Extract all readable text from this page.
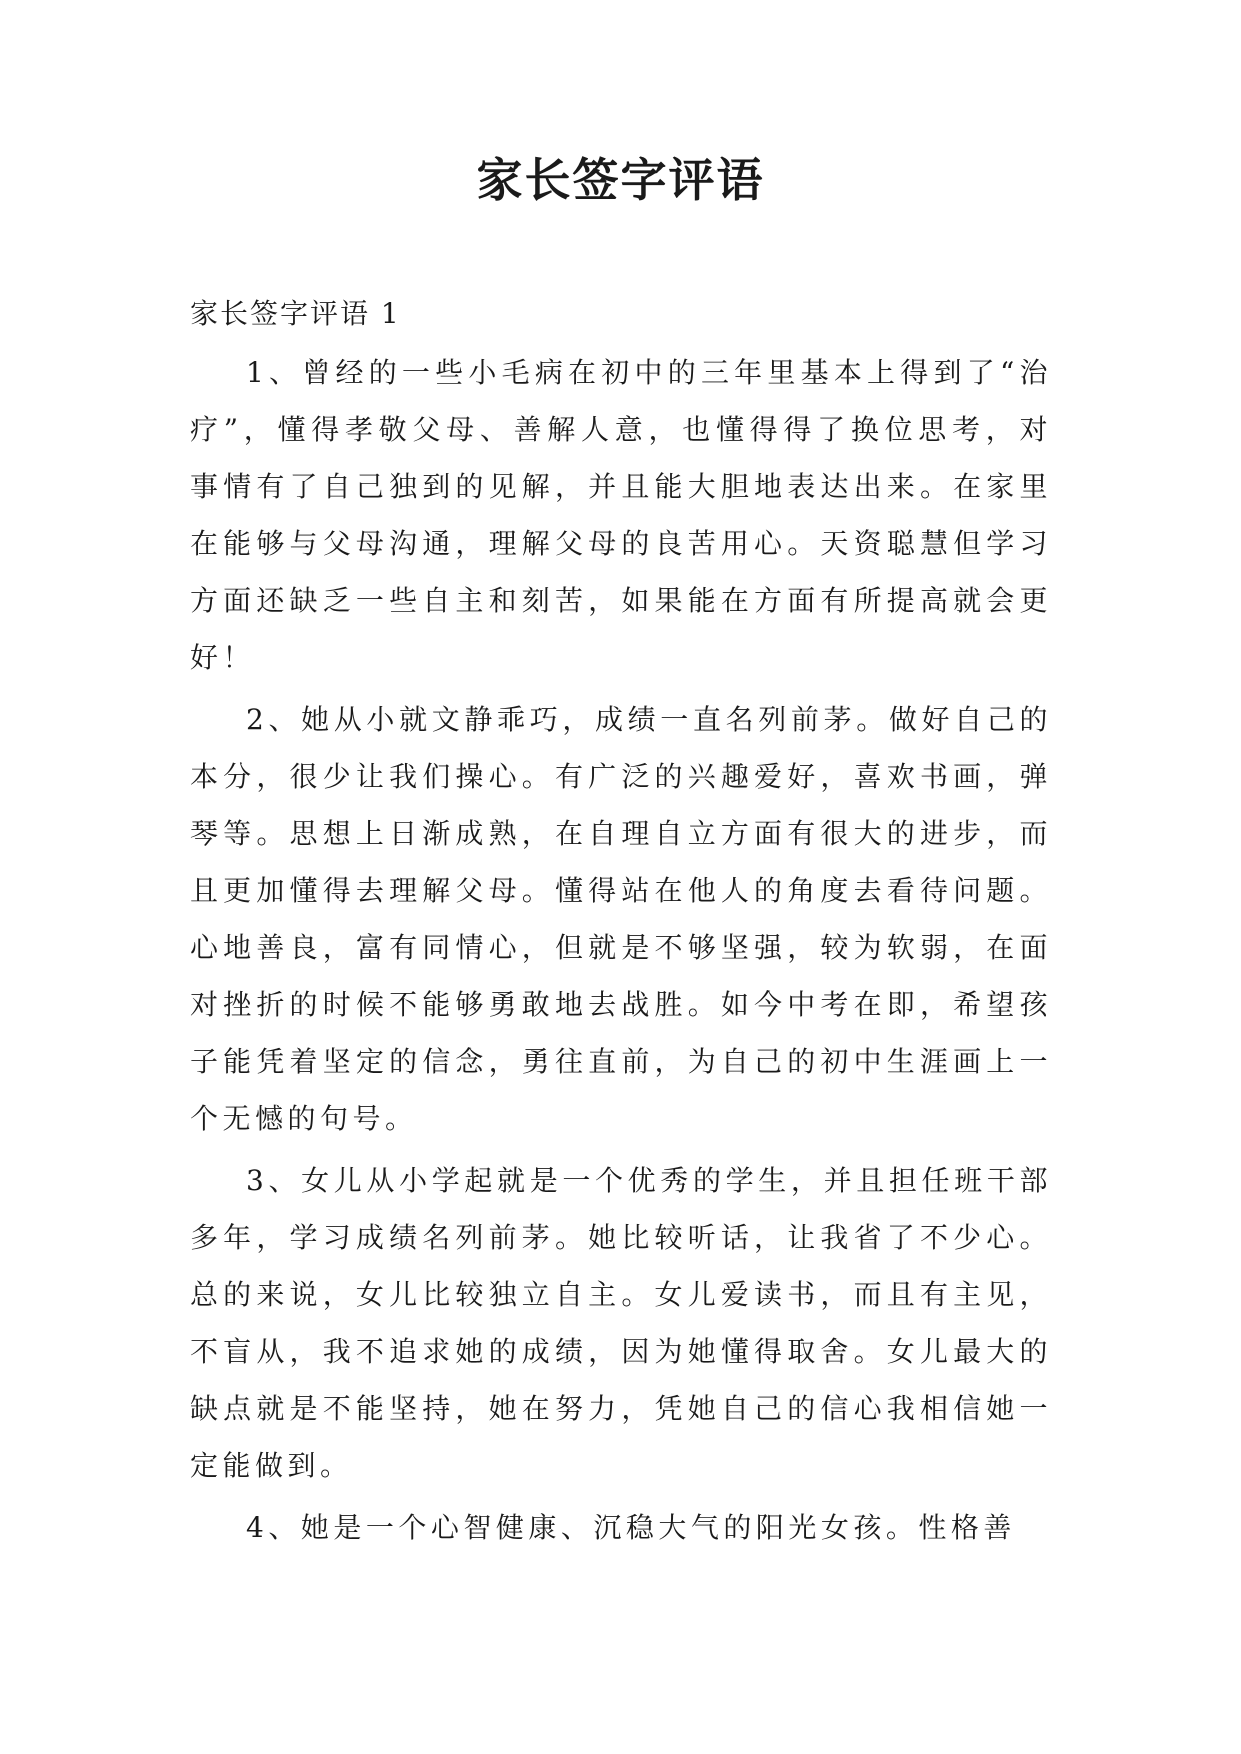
家长签字评语

家长签字评语 1

1、曾经的一些小毛病在初中的三年里基本上得到了“治疗”，懂得孝敬父母、善解人意，也懂得得了换位思考，对事情有了自己独到的见解，并且能大胆地表达出来。在家里在能够与父母沟通，理解父母的良苦用心。天资聪慧但学习方面还缺乏一些自主和刻苦，如果能在方面有所提高就会更好！

2、她从小就文静乖巧，成绩一直名列前茅。做好自己的本分，很少让我们操心。有广泛的兴趣爱好，喜欢书画，弹琴等。思想上日渐成熟，在自理自立方面有很大的进步，而且更加懂得去理解父母。懂得站在他人的角度去看待问题。心地善良，富有同情心，但就是不够坚强，较为软弱，在面对挫折的时候不能够勇敢地去战胜。如今中考在即，希望孩子能凭着坚定的信念，勇往直前，为自己的初中生涯画上一个无憾的句号。

3、女儿从小学起就是一个优秀的学生，并且担任班干部多年，学习成绩名列前茅。她比较听话，让我省了不少心。总的来说，女儿比较独立自主。女儿爱读书，而且有主见，不盲从，我不追求她的成绩，因为她懂得取舍。女儿最大的缺点就是不能坚持，她在努力，凭她自己的信心我相信她一定能做到。

4、她是一个心智健康、沉稳大气的阳光女孩。性格善
